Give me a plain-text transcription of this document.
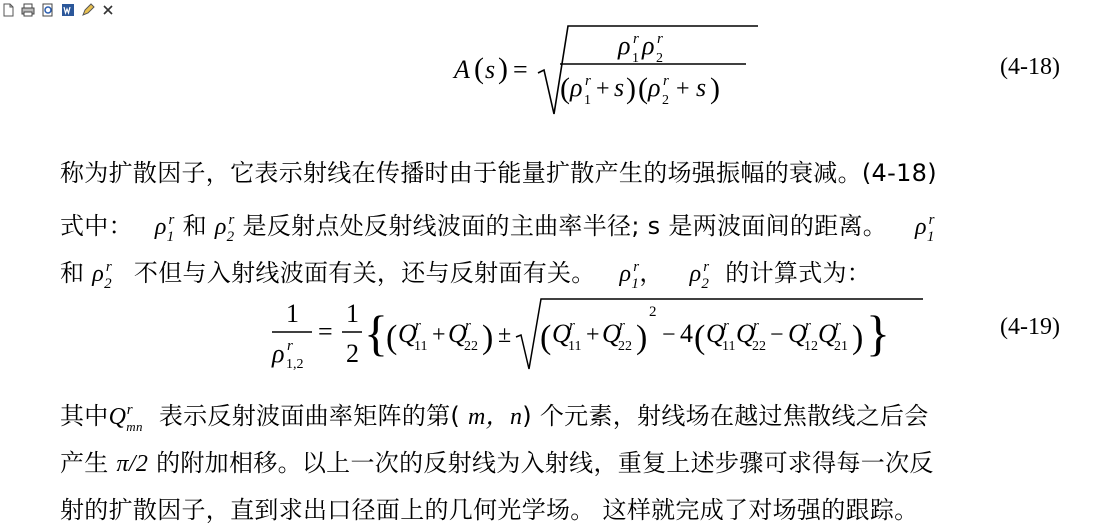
A ( s ) =
ρ 1
r ρ 2
r
( ρ 1
r + s ) ( ρ 2
r + s )
(4-18)
称为扩散因子，它表示射线在传播时由于能量扩散产生的场强振幅的衰减。(4-18)
式中： $\rho_1^r$ 和 $\rho_2^r$ 是反射点处反射线波面的主曲率半径; s 是两波面间的距离。 $\rho_1^r$
和 $\rho_2^r$ 不但与入射线波面有关，还与反射面有关。 $\rho_1^r$， $\rho_2^r$ 的计算式为：
1
ρ 1,2
r =
1
2 {
( Q
11
r + Q
22
r ) ± ( Q
11
r + Q
22
r )
2
− 4 ( Q
11
r Q
22
r − Q
12
r Q
21
r ) }	(4-19)
其中$Q_{mn}^r$ 表示反射波面曲率矩阵的第( m，n) 个元素，射线场在越过焦散线之后会
产生 π/2 的附加相移。以上一次的反射线为入射线，重复上述步骤可求得每一次反
射的扩散因子，直到求出口径面上的几何光学场。 这样就完成了对场强的跟踪。
